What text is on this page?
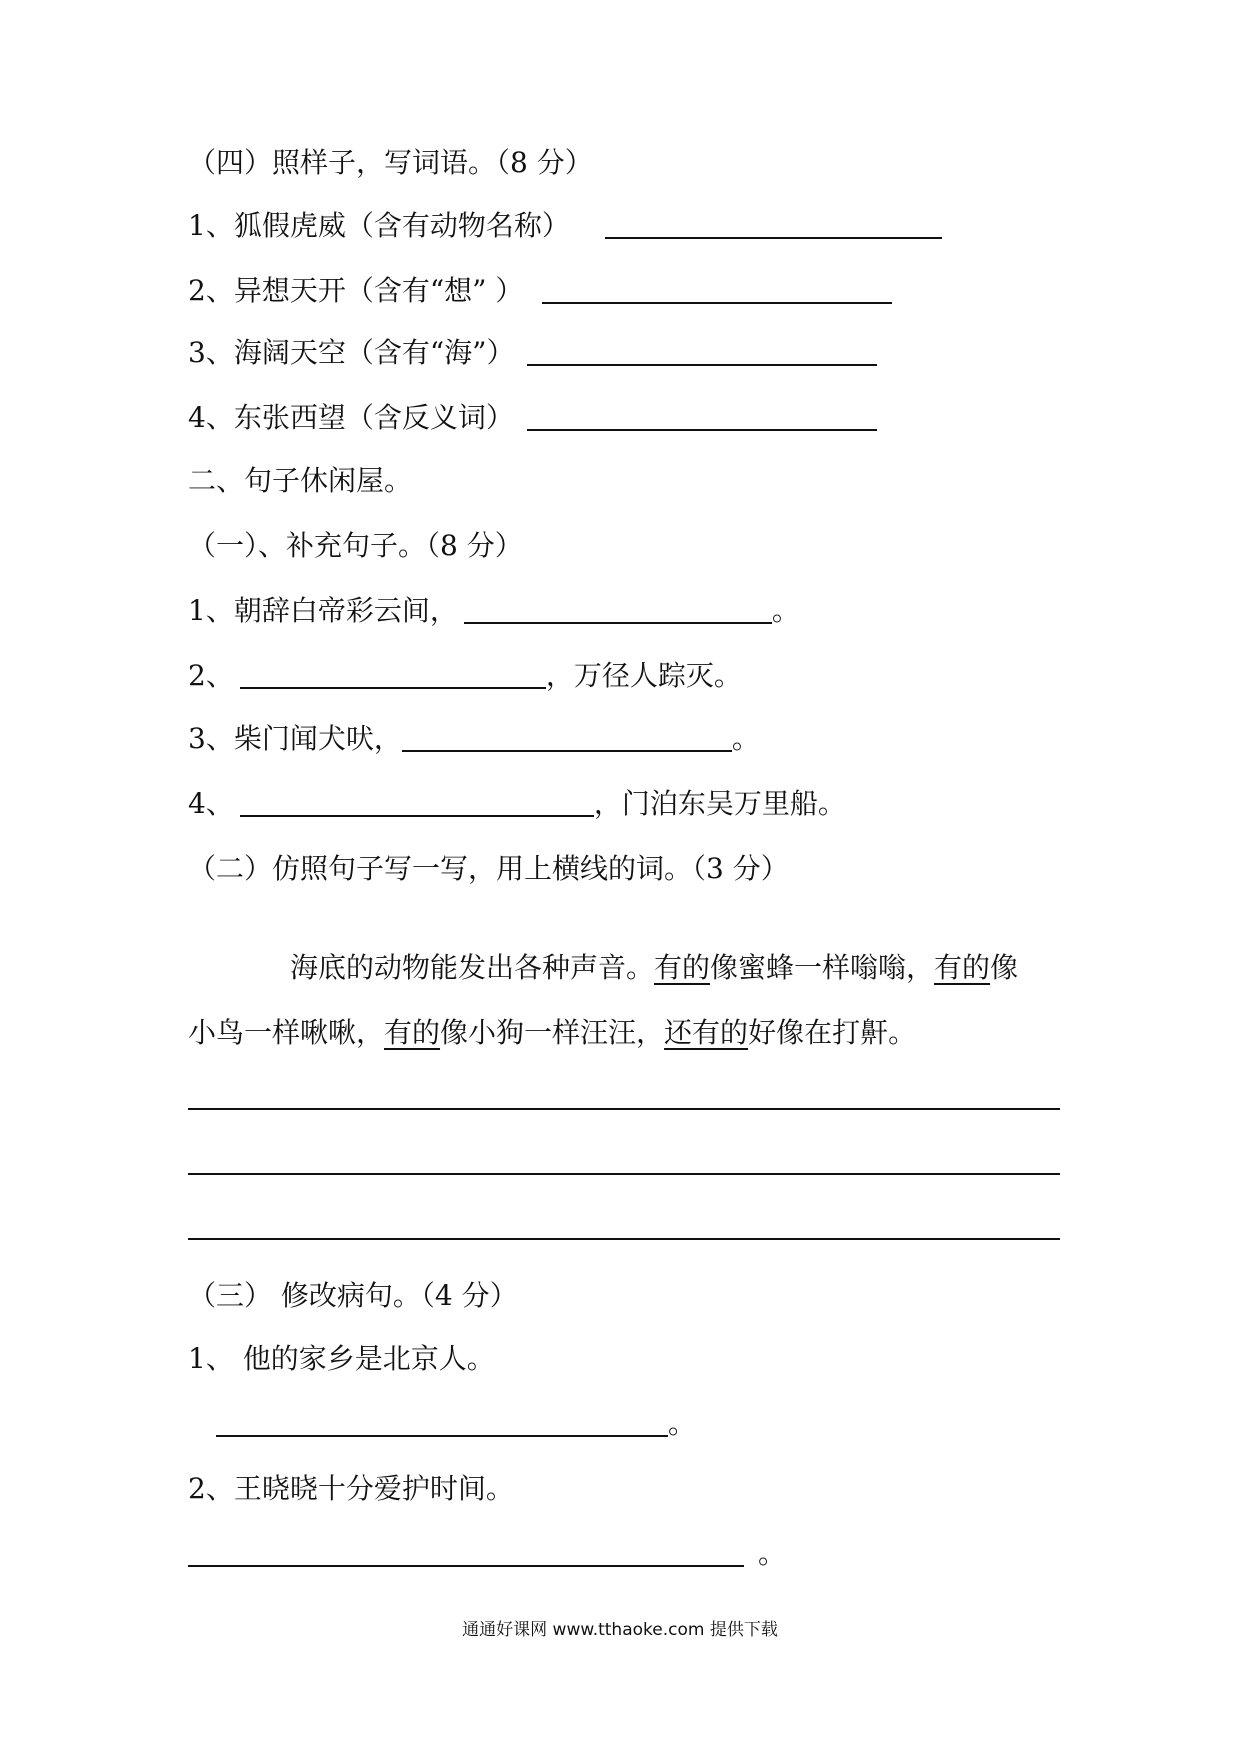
（四）照样子，写词语。（8 分）
1、狐假虎威（含有动物名称）
2、异想天开（含有“想” ）
3、海阔天空（含有“海”）
4、东张西望（含反义词）
二、句子休闲屋。
（一）、补充句子。（8 分）
1、朝辞白帝彩云间，	。
2、	，万径人踪灭。
3、柴门闻犬吠，	。
4、	，门泊东吴万里船。
（二）仿照句子写一写，用上横线的词。（3 分）
海底的动物能发出各种声音。有的像蜜蜂一样嗡嗡，有的像
小鸟一样啾啾，有的像小狗一样汪汪，还有的好像在打鼾。
（三） 修改病句。（4 分）
1、 他的家乡是北京人。
。
2、王晓晓十分爱护时间。
。
通通好课网 www.tthaoke.com 提供下载
